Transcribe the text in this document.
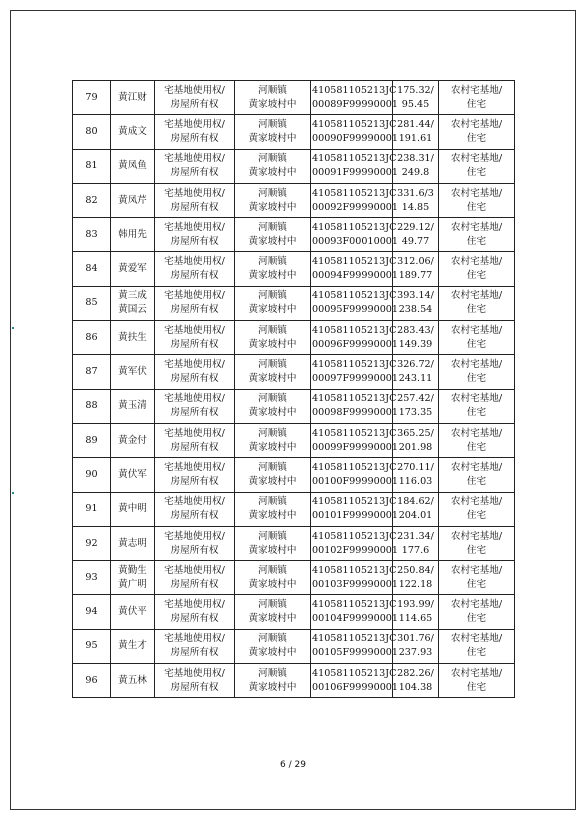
79	黄江财	宅基地使用权/
房屋所有权	河顺镇
黄家坡村中	410581105213JC
00089F99990001	175.32/
95.45	农村宅基地/
住宅

80	黄成文	宅基地使用权/
房屋所有权	河顺镇
黄家坡村中	410581105213JC
00090F99990001	281.44/
191.61	农村宅基地/
住宅

81	黄凤鱼	宅基地使用权/
房屋所有权	河顺镇
黄家坡村中	410581105213JC
00091F99990001	238.31/
249.8	农村宅基地/
住宅

82	黄凤芹	宅基地使用权/
房屋所有权	河顺镇
黄家坡村中	410581105213JC
00092F99990001	331.6/3
14.85	农村宅基地/
住宅

83	韩用先	宅基地使用权/
房屋所有权	河顺镇
黄家坡村中	410581105213JC
00093F00010001	229.12/
49.77	农村宅基地/
住宅

84	黄爱军	宅基地使用权/
房屋所有权	河顺镇
黄家坡村中	410581105213JC
00094F99990001	312.06/
189.77	农村宅基地/
住宅

85	黄三成
黄国云	宅基地使用权/
房屋所有权	河顺镇
黄家坡村中	410581105213JC
00095F99990001	393.14/
238.54	农村宅基地/
住宅

86	黄扶生	宅基地使用权/
房屋所有权	河顺镇
黄家坡村中	410581105213JC
00096F99990001	283.43/
149.39	农村宅基地/
住宅

87	黄军伏	宅基地使用权/
房屋所有权	河顺镇
黄家坡村中	410581105213JC
00097F99990001	326.72/
243.11	农村宅基地/
住宅

88	黄玉清	宅基地使用权/
房屋所有权	河顺镇
黄家坡村中	410581105213JC
00098F99990001	257.42/
173.35	农村宅基地/
住宅

89	黄金付	宅基地使用权/
房屋所有权	河顺镇
黄家坡村中	410581105213JC
00099F99990001	365.25/
201.98	农村宅基地/
住宅

90	黄伏军	宅基地使用权/
房屋所有权	河顺镇
黄家坡村中	410581105213JC
00100F99990001	270.11/
116.03	农村宅基地/
住宅

91	黄中明	宅基地使用权/
房屋所有权	河顺镇
黄家坡村中	410581105213JC
00101F99990001	184.62/
204.01	农村宅基地/
住宅

92	黄志明	宅基地使用权/
房屋所有权	河顺镇
黄家坡村中	410581105213JC
00102F99990001	231.34/
177.6	农村宅基地/
住宅

93	黄勤生
黄广明	宅基地使用权/
房屋所有权	河顺镇
黄家坡村中	410581105213JC
00103F99990001	250.84/
122.18	农村宅基地/
住宅

94	黄伏平	宅基地使用权/
房屋所有权	河顺镇
黄家坡村中	410581105213JC
00104F99990001	193.99/
114.65	农村宅基地/
住宅

95	黄生才	宅基地使用权/
房屋所有权	河顺镇
黄家坡村中	410581105213JC
00105F99990001	301.76/
237.93	农村宅基地/
住宅

96	黄五林	宅基地使用权/
房屋所有权	河顺镇
黄家坡村中	410581105213JC
00106F99990001	282.26/
104.38	农村宅基地/
住宅
6 / 29
